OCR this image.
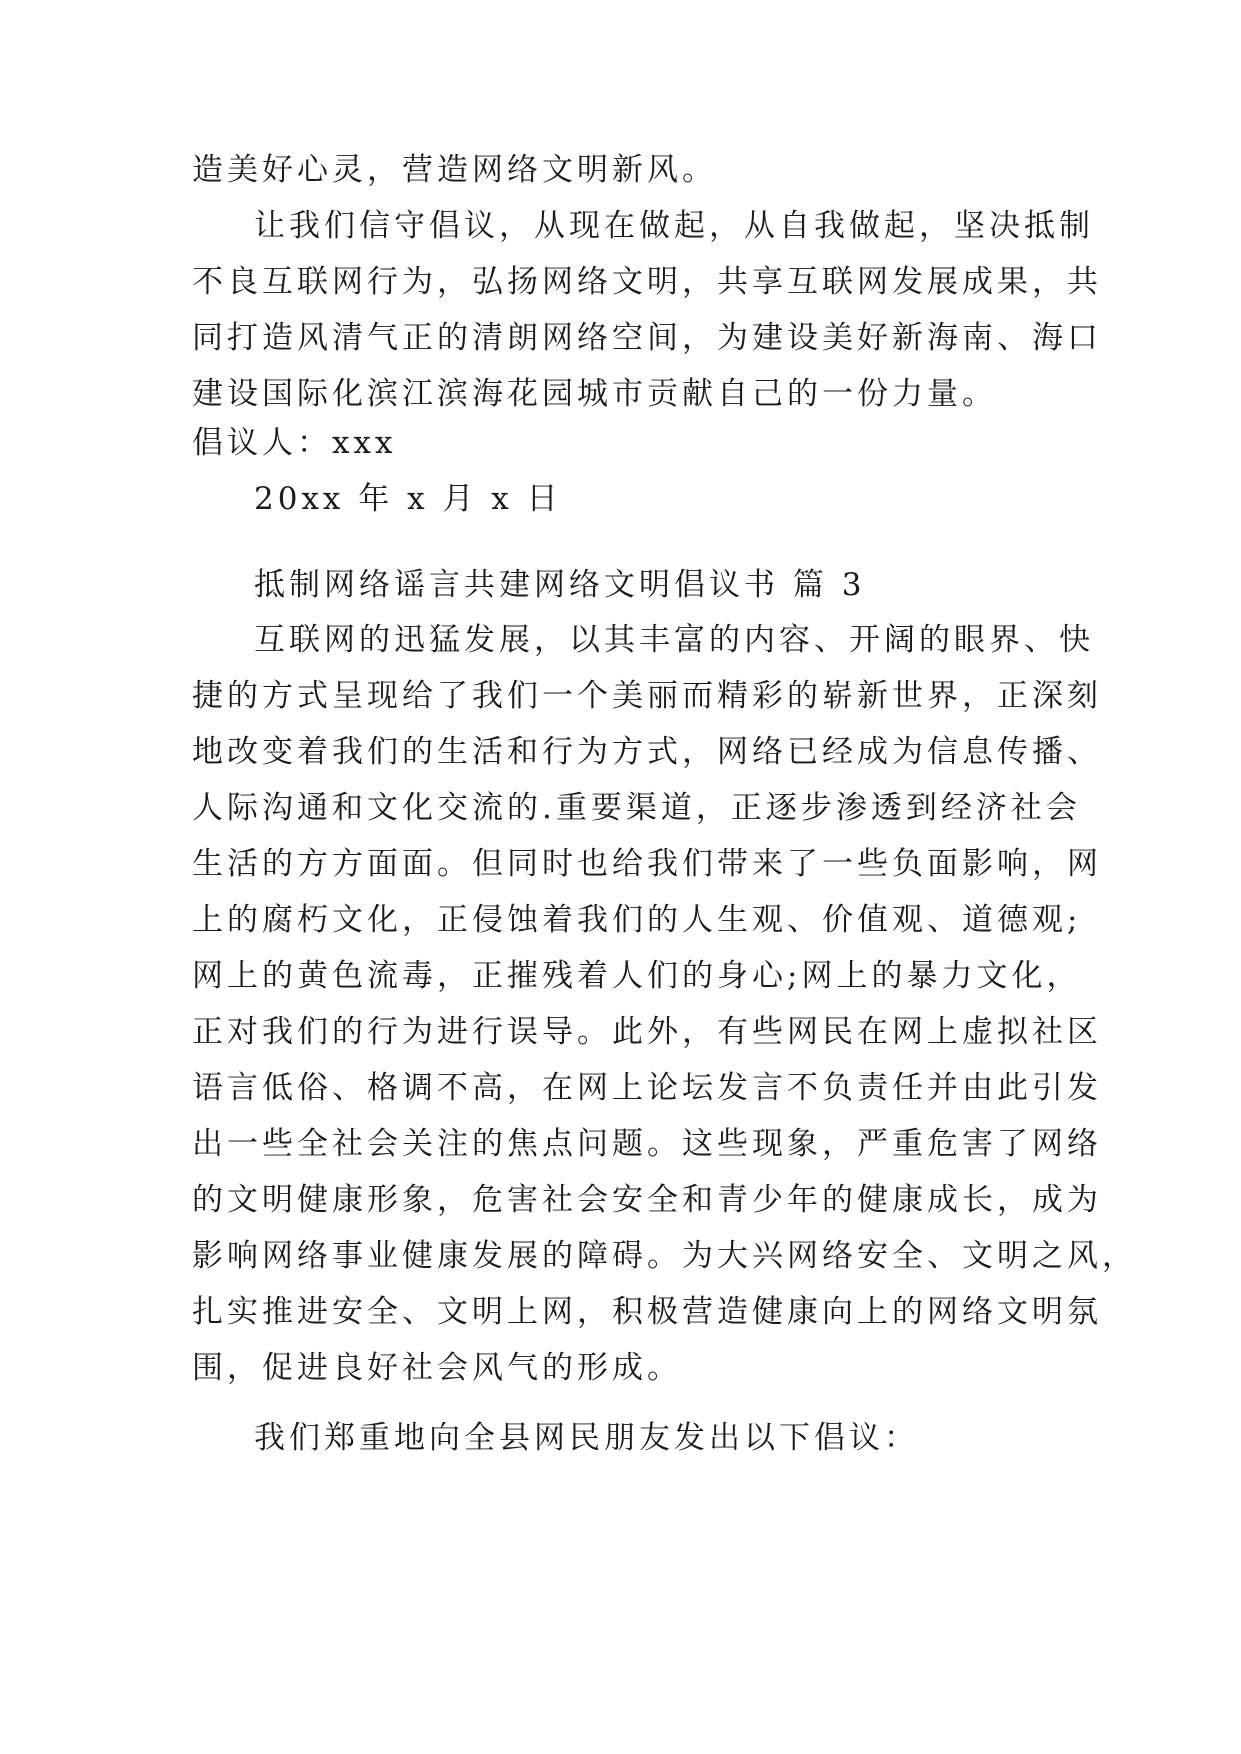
造美好心灵，营造网络文明新风。
让我们信守倡议，从现在做起，从自我做起，坚决抵制
不良互联网行为，弘扬网络文明，共享互联网发展成果，共
同打造风清气正的清朗网络空间，为建设美好新海南、海口
建设国际化滨江滨海花园城市贡献自己的一份力量。
倡议人：xxx
20xx 年 x 月 x 日
抵制网络谣言共建网络文明倡议书 篇 3
互联网的迅猛发展，以其丰富的内容、开阔的眼界、快
捷的方式呈现给了我们一个美丽而精彩的崭新世界，正深刻
地改变着我们的生活和行为方式，网络已经成为信息传播、
人际沟通和文化交流的.重要渠道，正逐步渗透到经济社会
生活的方方面面。但同时也给我们带来了一些负面影响，网
上的腐朽文化，正侵蚀着我们的人生观、价值观、道德观;
网上的黄色流毒，正摧残着人们的身心;网上的暴力文化，
正对我们的行为进行误导。此外，有些网民在网上虚拟社区
语言低俗、格调不高，在网上论坛发言不负责任并由此引发
出一些全社会关注的焦点问题。这些现象，严重危害了网络
的文明健康形象，危害社会安全和青少年的健康成长，成为
影响网络事业健康发展的障碍。为大兴网络安全、文明之风，
扎实推进安全、文明上网，积极营造健康向上的网络文明氛
围，促进良好社会风气的形成。
我们郑重地向全县网民朋友发出以下倡议：
